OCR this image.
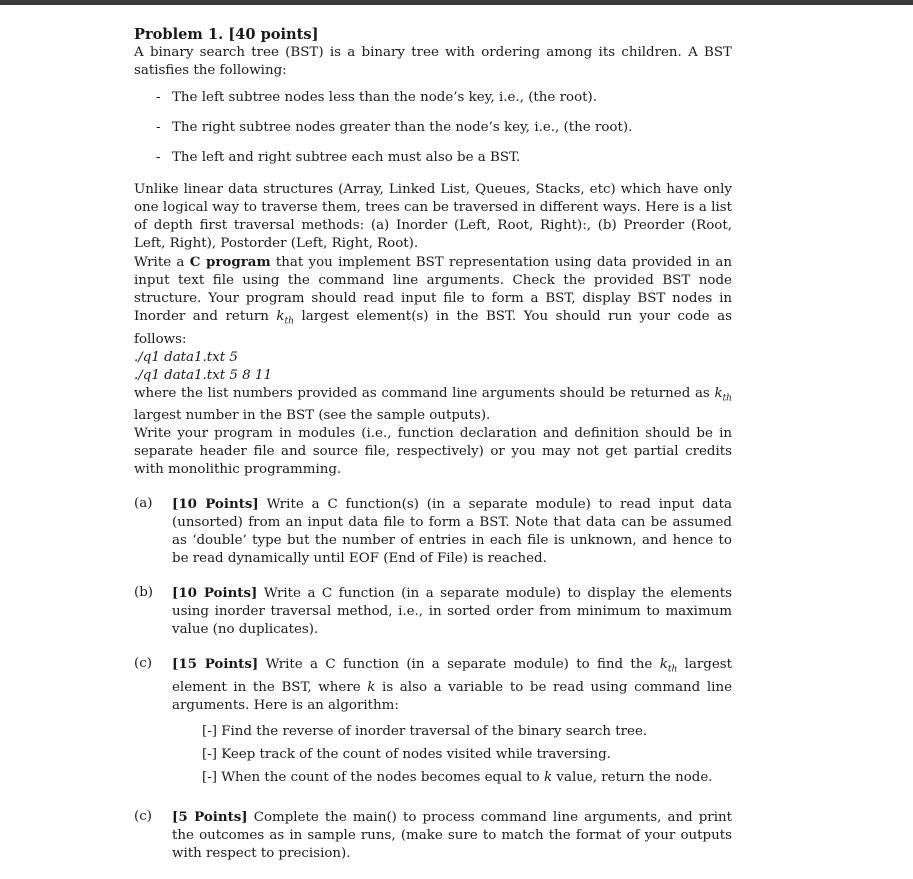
Problem 1. [40 points]
A binary search tree (BST) is a binary tree with ordering among its children. A BST satisfies the following:
- The left subtree nodes less than the node’s key, i.e., (the root).
- The right subtree nodes greater than the node’s key, i.e., (the root).
- The left and right subtree each must also be a BST.
Unlike linear data structures (Array, Linked List, Queues, Stacks, etc) which have only one logical way to traverse them, trees can be traversed in different ways. Here is a list of depth first traversal methods: (a) Inorder (Left, Root, Right):, (b) Preorder (Root, Left, Right), Postorder (Left, Right, Root).
Write a C program that you implement BST representation using data provided in an input text file using the command line arguments. Check the provided BST node structure. Your program should read input file to form a BST, display BST nodes in Inorder and return $k_{th}$ largest element(s) in the BST. You should run your code as follows:
./q1 data1.txt 5
./q1 data1.txt 5 8 11
where the list numbers provided as command line arguments should be returned as $k_{th}$ largest number in the BST (see the sample outputs).
Write your program in modules (i.e., function declaration and definition should be in separate header file and source file, respectively) or you may not get partial credits with monolithic programming.
(a)	[10 Points] Write a C function(s) (in a separate module) to read input data (unsorted) from an input data file to form a BST. Note that data can be assumed as ‘double’ type but the number of entries in each file is unknown, and hence to be read dynamically until EOF (End of File) is reached.
(b)	[10 Points] Write a C function (in a separate module) to display the elements using inorder traversal method, i.e., in sorted order from minimum to maximum value (no duplicates).
(c)	[15 Points] Write a C function (in a separate module) to find the $k_{th}$ largest element in the BST, where k is also a variable to be read using command line arguments. Here is an algorithm:
[-] Find the reverse of inorder traversal of the binary search tree.
[-] Keep track of the count of nodes visited while traversing.
[-] When the count of the nodes becomes equal to k value, return the node.
(c)	[5 Points] Complete the main() to process command line arguments, and print the outcomes as in sample runs, (make sure to match the format of your outputs with respect to precision).
